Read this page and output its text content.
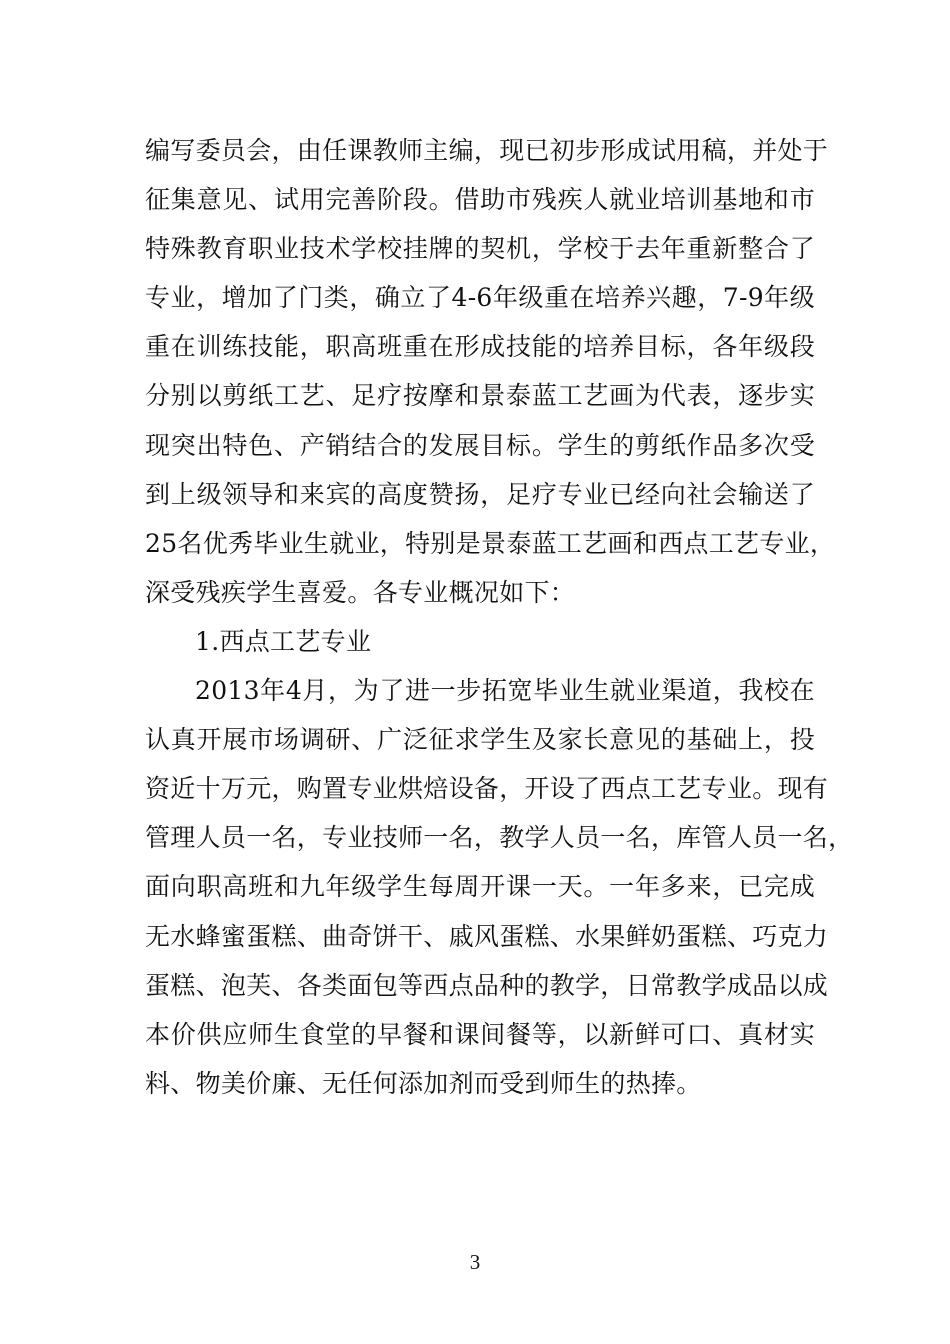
编写委员会，由任课教师主编，现已初步形成试用稿，并处于
征集意见、试用完善阶段。借助市残疾人就业培训基地和市
特殊教育职业技术学校挂牌的契机，学校于去年重新整合了
专业，增加了门类，确立了4-6年级重在培养兴趣，7-9年级
重在训练技能，职高班重在形成技能的培养目标，各年级段
分别以剪纸工艺、足疗按摩和景泰蓝工艺画为代表，逐步实
现突出特色、产销结合的发展目标。学生的剪纸作品多次受
到上级领导和来宾的高度赞扬，足疗专业已经向社会输送了
25名优秀毕业生就业，特别是景泰蓝工艺画和西点工艺专业，
深受残疾学生喜爱。各专业概况如下：
1.西点工艺专业
2013年4月，为了进一步拓宽毕业生就业渠道，我校在
认真开展市场调研、广泛征求学生及家长意见的基础上，投
资近十万元，购置专业烘焙设备，开设了西点工艺专业。现有
管理人员一名，专业技师一名，教学人员一名，库管人员一名，
面向职高班和九年级学生每周开课一天。一年多来，已完成
无水蜂蜜蛋糕、曲奇饼干、戚风蛋糕、水果鲜奶蛋糕、巧克力
蛋糕、泡芙、各类面包等西点品种的教学，日常教学成品以成
本价供应师生食堂的早餐和课间餐等，以新鲜可口、真材实
料、物美价廉、无任何添加剂而受到师生的热捧。
3
